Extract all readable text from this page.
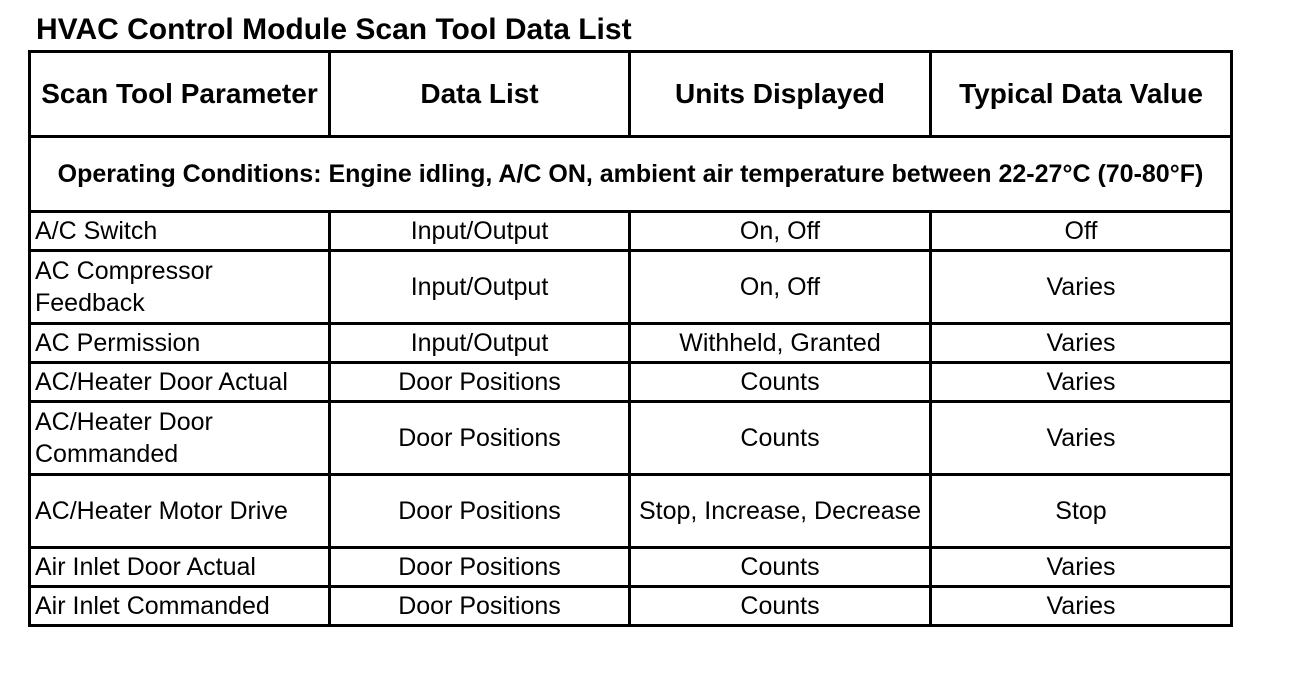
HVAC Control Module Scan Tool Data List
Scan Tool Parameter	Data List	Units Displayed	Typical Data Value
Operating Conditions: Engine idling, A/C ON, ambient air temperature between 22-27°C (70-80°F)			
A/C Switch	Input/Output	On, Off	Off
AC Compressor Feedback	Input/Output	On, Off	Varies
AC Permission	Input/Output	Withheld, Granted	Varies
AC/Heater Door Actual	Door Positions	Counts	Varies
AC/Heater Door Commanded	Door Positions	Counts	Varies
AC/Heater Motor Drive	Door Positions	Stop, Increase, Decrease	Stop
Air Inlet Door Actual	Door Positions	Counts	Varies
Air Inlet Commanded	Door Positions	Counts	Varies
